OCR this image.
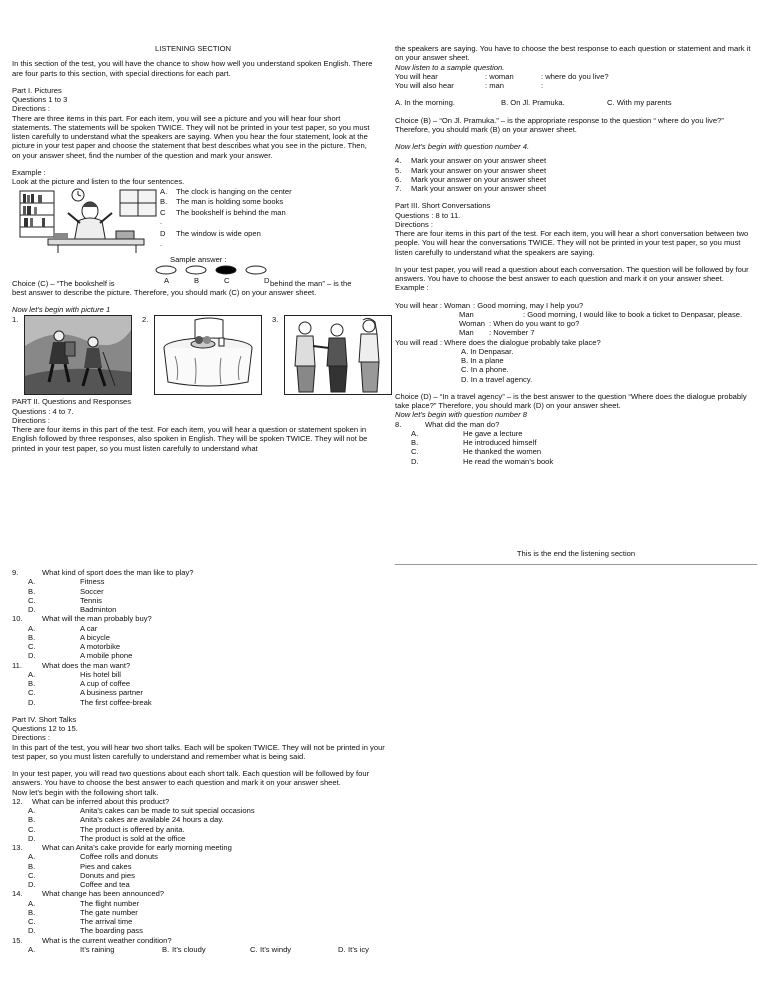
LISTENING SECTION

In this section of the test, you will have the chance to show how well you understand spoken English. There are four parts to this section, with special directions for each part.

Part I. Pictures

Questions 1 to 3

Directions :

There are three items in this part. For each item, you will see a picture and you will hear four short statements. The statements will be spoken TWICE. They will not be printed in your test paper, so you must listen carefully to understand what the speakers are saying. When you hear the four statement, look at the picture in your test paper and choose the statement that best describes what you see in the picture. Then, on your answer sheet, find the number of the question and mark your answer.

Example :

Look at the picture and listen to the four sentences.

A.	The clock is hanging on the center
B.	The man is holding some books
C	The bookshelf is behind the man
.
D	The window is wide open
.

Sample answer :

A	B	C	D
Choice (C) – “The bookshelf is	behind the man” – is the

best answer to describe the picture. Therefore, you should mark (C) on your answer sheet.

Now let’s begin with picture 1

1.	2.	3.

PART II. Questions and Responses

Questions : 4 to 7.

Directions :

There are four items in this part of the test. For each item, you will hear a question or statement spoken in English followed by three responses, also spoken in English. They will be spoken TWICE. They will not be printed in your test paper, so you must listen carefully to understand what

the speakers are saying. You have to choose the best response to each question or statement and mark it on your answer sheet.

Now listen to a sample question.

You will hear	: woman	: where do you live?
You will also hear	: man	:
A. In the morning.	B. On Jl. Pramuka.	C. With my parents

Choice (B) – “On Jl. Pramuka.” – is the appropriate response to the question “ where do you live?” Therefore, you should mark (B) on your answer sheet.

Now let’s begin with question number 4.

4.	Mark your answer on your answer sheet
5.	Mark your answer on your answer sheet
6.	Mark your answer on your answer sheet
7.	Mark your answer on your answer sheet

Part III. Short Conversations

Questions : 8 to 11.

Directions :

There are four items in this part of the test. For each item, you will hear a short conversation between two people. You will hear the conversations TWICE. They will not be printed in your test paper, so you must listen carefully to understand what the speakers are saying.

In your test paper, you will read a question about each conversation. The question will be followed by four answers. You have to choose the best answer to each question and mark it on your answer sheet.

Example :

You will hear : Woman : Good morning, may I help you?
Man	: Good morning, I would like to book a ticket to Denpasar, please.
Woman : When do you want to go?
Man	: November 7

You will read : Where does the dialogue probably take place?

A. In Denpasar.

B. In a plane

C. In a phone.

D. In a travel agency.

Choice (D) – “In a travel agency” – is the best answer to the question “Where does the dialogue probably take place?” Therefore, you should mark (D) on your answer sheet.

Now let’s begin with question number 8

8.	What did the man do?
A.	He gave a lecture
B.	He introduced himself
C.	He thanked the women
D.	He read the woman’s book

This is the end the listening section

9.	What kind of sport does the man like to play?
A.	Fitness
B.	Soccer
C.	Tennis
D.	Badminton
10.	What will the man probably buy?
A.	A car
B.	A bicycle
C.	A motorbike
D.	A mobile phone
11.	What does the man want?
A.	His hotel bill
B.	A cup of coffee
C.	A business partner
D.	The first coffee-break

Part IV. Short Talks

Questions 12 to 15.

Directions :

In this part of the test, you will hear two short talks. Each will be spoken TWICE. They will not be printed in your test paper, so you must listen carefully to understand and remember what is being said.

In your test paper, you will read two questions about each short talk. Each question will be followed by four answers. You have to choose the best answer to each question and mark it on your answer sheet.

Now let’s begin with the following short talk.

12.	What can be inferred about this product?
A.	Anita’s cakes can be made to suit special occasions
B.	Anita’s cakes are available 24 hours a day.
C.	The product is offered by anita.
D.	The product is sold at the office
13.	What can Anita’s cake provide for early morning meeting
A.	Coffee rolls and donuts
B.	Pies and cakes
C.	Donuts and pies
D.	Coffee and tea
14.	What change has been announced?
A.	The flight number
B.	The gate number
C.	The arrival time
D.	The boarding pass
15.	What is the current weather condition?
A.	It’s raining	B. It’s cloudy	C. It’s windy	D. It’s icy
